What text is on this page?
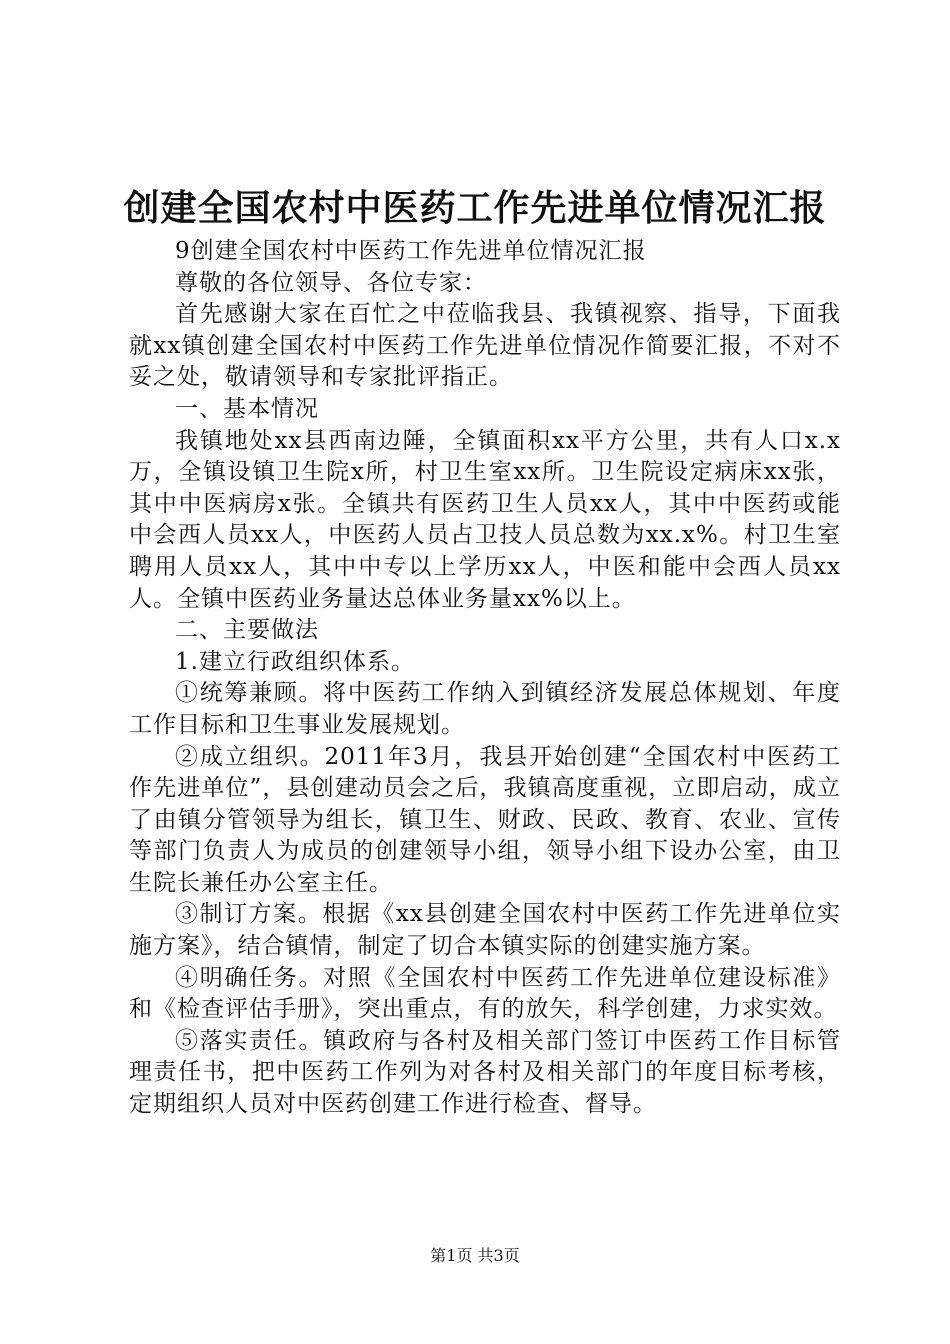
创建全国农村中医药工作先进单位情况汇报

9创建全国农村中医药工作先进单位情况汇报

尊敬的各位领导、各位专家：

首先感谢大家在百忙之中莅临我县、我镇视察、指导，下面我就xx镇创建全国农村中医药工作先进单位情况作简要汇报，不对不妥之处，敬请领导和专家批评指正。

一、基本情况

我镇地处xx县西南边陲，全镇面积xx平方公里，共有人口x.x万，全镇设镇卫生院x所，村卫生室xx所。卫生院设定病床xx张，其中中医病房x张。全镇共有医药卫生人员xx人，其中中医药或能中会西人员xx人，中医药人员占卫技人员总数为xx.x%。村卫生室聘用人员xx人，其中中专以上学历xx人，中医和能中会西人员xx人。全镇中医药业务量达总体业务量xx%以上。

二、主要做法

1.建立行政组织体系。

①统筹兼顾。将中医药工作纳入到镇经济发展总体规划、年度工作目标和卫生事业发展规划。

②成立组织。2011年3月，我县开始创建“全国农村中医药工作先进单位”，县创建动员会之后，我镇高度重视，立即启动，成立了由镇分管领导为组长，镇卫生、财政、民政、教育、农业、宣传等部门负责人为成员的创建领导小组，领导小组下设办公室，由卫生院长兼任办公室主任。

③制订方案。根据《xx县创建全国农村中医药工作先进单位实施方案》，结合镇情，制定了切合本镇实际的创建实施方案。

④明确任务。对照《全国农村中医药工作先进单位建设标准》和《检查评估手册》，突出重点，有的放矢，科学创建，力求实效。

⑤落实责任。镇政府与各村及相关部门签订中医药工作目标管理责任书，把中医药工作列为对各村及相关部门的年度目标考核，定期组织人员对中医药创建工作进行检查、督导。

第1页 共3页
